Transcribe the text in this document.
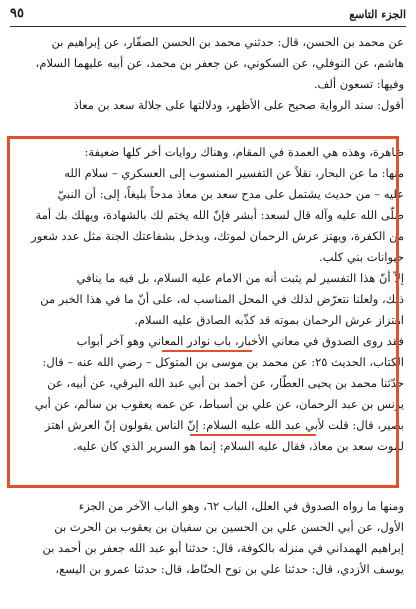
الجزء التاسع
٩٥
عن محمد بن الحسن، قال: حدثني محمد بن الحسن الصفّار، عن إبراهيم بن
هاشم، عن النوفلي، عن السكوني، عن جعفر بن محمد، عن أبيه عليهما السلام،
وفيها: تسعون ألف.
أقول: سند الرواية صحيح على الأظهر، ودلالتها على جلالة سعد بن معاذ
ظاهرة، وهذه هي العمدة في المقام، وهناك روايات أخر كلها ضعيفة:
منها: ما عن البحار، نقلاً عن التفسير المنسوب إلى العسكري – سلام الله
عليه – من حديث يشتمل على مدح سعد بن معاذ مدحاً بليغاً، إلى: أن النبيّ
صلّى الله عليه وآله قال لسعد: أبشر فإنّ الله يختم لك بالشهادة، ويهلك بك أمة
من الكفرة، ويهتز عرش الرحمان لموتك، ويدخل بشفاعتك الجنة مثل عدد شعور
حيوانات بني كلب.
إلاّ أنّ هذا التفسير لم يثبت أنه من الامام عليه السلام، بل فيه ما ينافي
ذلك، ولعلنا نتعرّض لذلك في المحل المناسب له، على أنّ ما في هذا الخبر من
اهتزاز عرش الرحمان بموته قد كذّبه الصادق عليه السلام.
فقد روى الصدوق في معاني الأخبار، باب نوادر المعاني وهو آخر أبواب
الكتاب، الحديث ٢٥: عن محمد بن موسى بن المتوكل – رضي الله عنه – قال:
حدّثنا محمد بن يحيى العطّار، عن أحمد بن أبي عبد الله البرقي، عن أبيه، عن
يونس بن عبد الرحمان، عن علي بن أسباط، عن عمه يعقوب بن سالم، عن أبي
بصير، قال: قلت لأبي عبد الله عليه السلام: إنّ الناس يقولون إنّ العرش اهتز
لموت سعد بن معاذ، فقال عليه السلام: إنما هو السرير الذي كان عليه.
ومنها ما رواه الصدوق في العلل، الباب ٦٢، وهو الباب الآخر من الجزء
الأول، عن أبي الحسن علي بن الحسين بن سفيان بن يعقوب بن الحرث بن
إبراهيم الهمداني في منزله بالكوفة، قال: حدثنا أبو عبد الله جعفر بن أحمد بن
يوسف الأزدي، قال: حدثنا علي بن نوح الحنّاط، قال: حدثنا عمرو بن اليسع،
